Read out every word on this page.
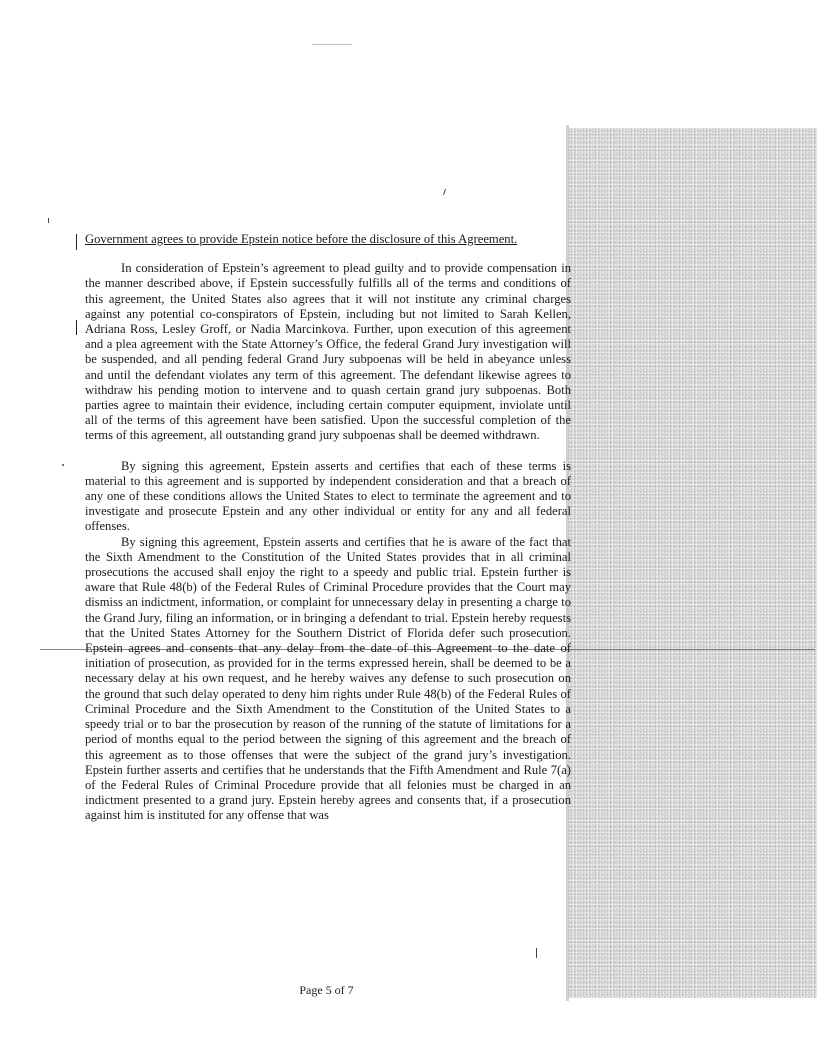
Government agrees to provide Epstein notice before the disclosure of this Agreement.

In consideration of Epstein’s agreement to plead guilty and to provide compensation in the manner described above, if Epstein successfully fulfills all of the terms and conditions of this agreement, the United States also agrees that it will not institute any criminal charges against any potential co-conspirators of Epstein, including but not limited to Sarah Kellen, Adriana Ross, Lesley Groff, or Nadia Marcinkova. Further, upon execution of this agreement and a plea agreement with the State Attorney’s Office, the federal Grand Jury investigation will be suspended, and all pending federal Grand Jury subpoenas will be held in abeyance unless and until the defendant violates any term of this agreement. The defendant likewise agrees to withdraw his pending motion to intervene and to quash certain grand jury subpoenas. Both parties agree to maintain their evidence, including certain computer equipment, inviolate until all of the terms of this agreement have been satisfied. Upon the successful completion of the terms of this agreement, all outstanding grand jury subpoenas shall be deemed withdrawn.

By signing this agreement, Epstein asserts and certifies that each of these terms is material to this agreement and is supported by independent consideration and that a breach of any one of these conditions allows the United States to elect to terminate the agreement and to investigate and prosecute Epstein and any other individual or entity for any and all federal offenses.

By signing this agreement, Epstein asserts and certifies that he is aware of the fact that the Sixth Amendment to the Constitution of the United States provides that in all criminal prosecutions the accused shall enjoy the right to a speedy and public trial. Epstein further is aware that Rule 48(b) of the Federal Rules of Criminal Procedure provides that the Court may dismiss an indictment, information, or complaint for unnecessary delay in presenting a charge to the Grand Jury, filing an information, or in bringing a defendant to trial. Epstein hereby requests that the United States Attorney for the Southern District of Florida defer such prosecution. Epstein agrees and consents that any delay from the date of this Agreement to the date of initiation of prosecution, as provided for in the terms expressed herein, shall be deemed to be a necessary delay at his own request, and he hereby waives any defense to such prosecution on the ground that such delay operated to deny him rights under Rule 48(b) of the Federal Rules of Criminal Procedure and the Sixth Amendment to the Constitution of the United States to a speedy trial or to bar the prosecution by reason of the running of the statute of limitations for a period of months equal to the period between the signing of this agreement and the breach of this agreement as to those offenses that were the subject of the grand jury’s investigation. Epstein further asserts and certifies that he understands that the Fifth Amendment and Rule 7(a) of the Federal Rules of Criminal Procedure provide that all felonies must be charged in an indictment presented to a grand jury. Epstein hereby agrees and consents that, if a prosecution against him is instituted for any offense that was

Page 5 of 7
